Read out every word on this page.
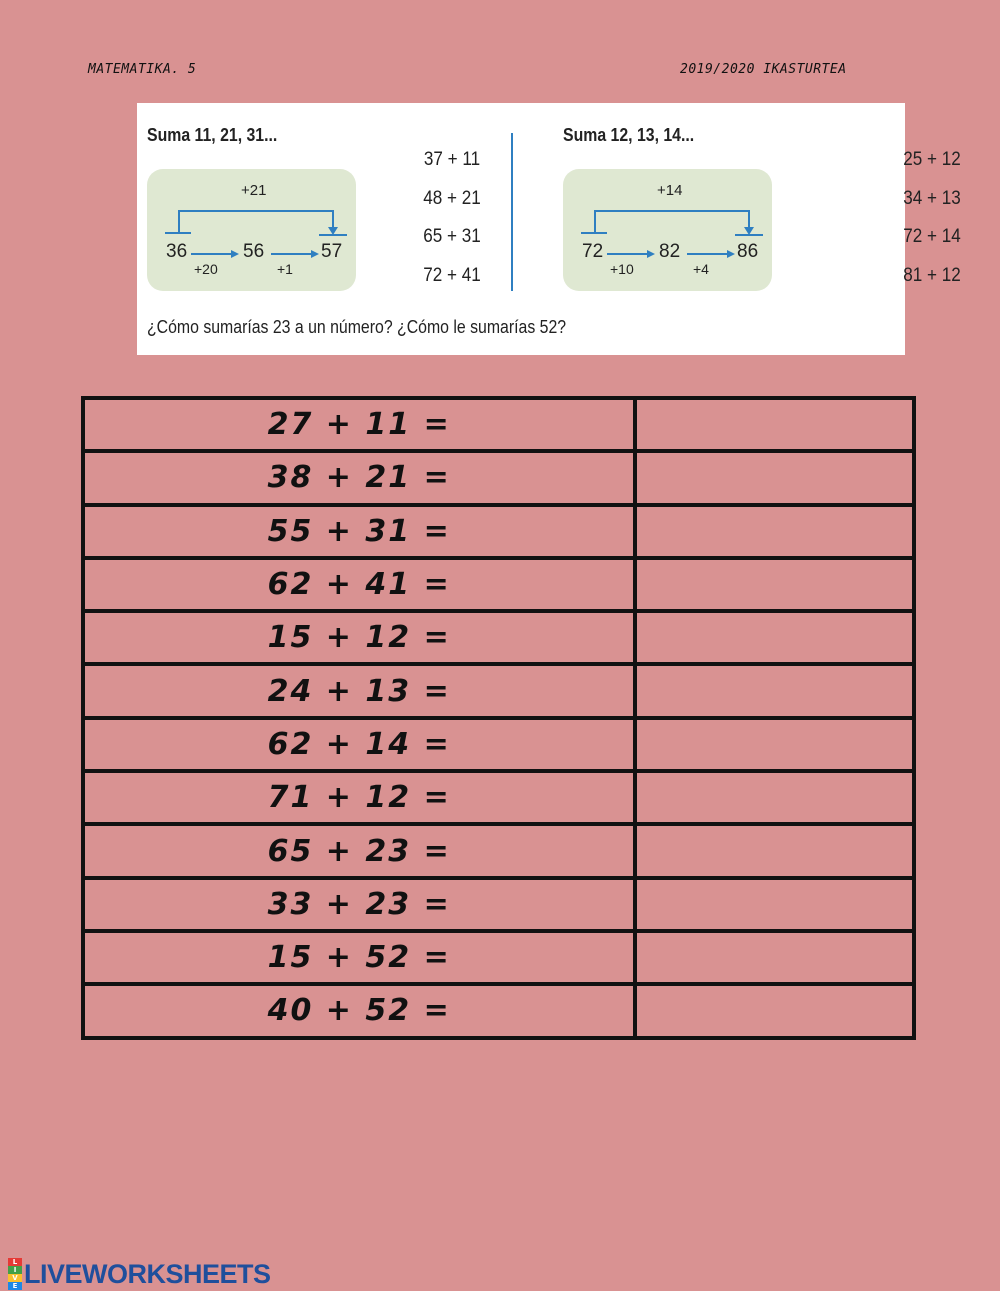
MATEMATIKA. 5	2019/2020 IKASTURTEA
Suma 11, 21, 31...
+21
36	56	57
+20	+1
37 + 11
48 + 21
65 + 31
72 + 41
Suma 12, 13, 14...
+14
72	82	86
+10	+4
25 + 12
34 + 13
72 + 14
81 + 12
¿Cómo sumarías 23 a un número? ¿Cómo le sumarías 52?
27 + 11 =	
38 + 21 =	
55 + 31 =	
62 + 41 =	
15 + 12 =	
24 + 13 =	
62 + 14 =	
71 + 12 =	
65 + 23 =	
33 + 23 =	
15 + 52 =	
40 + 52 =	
L
I
V
E LIVEWORKSHEETS
